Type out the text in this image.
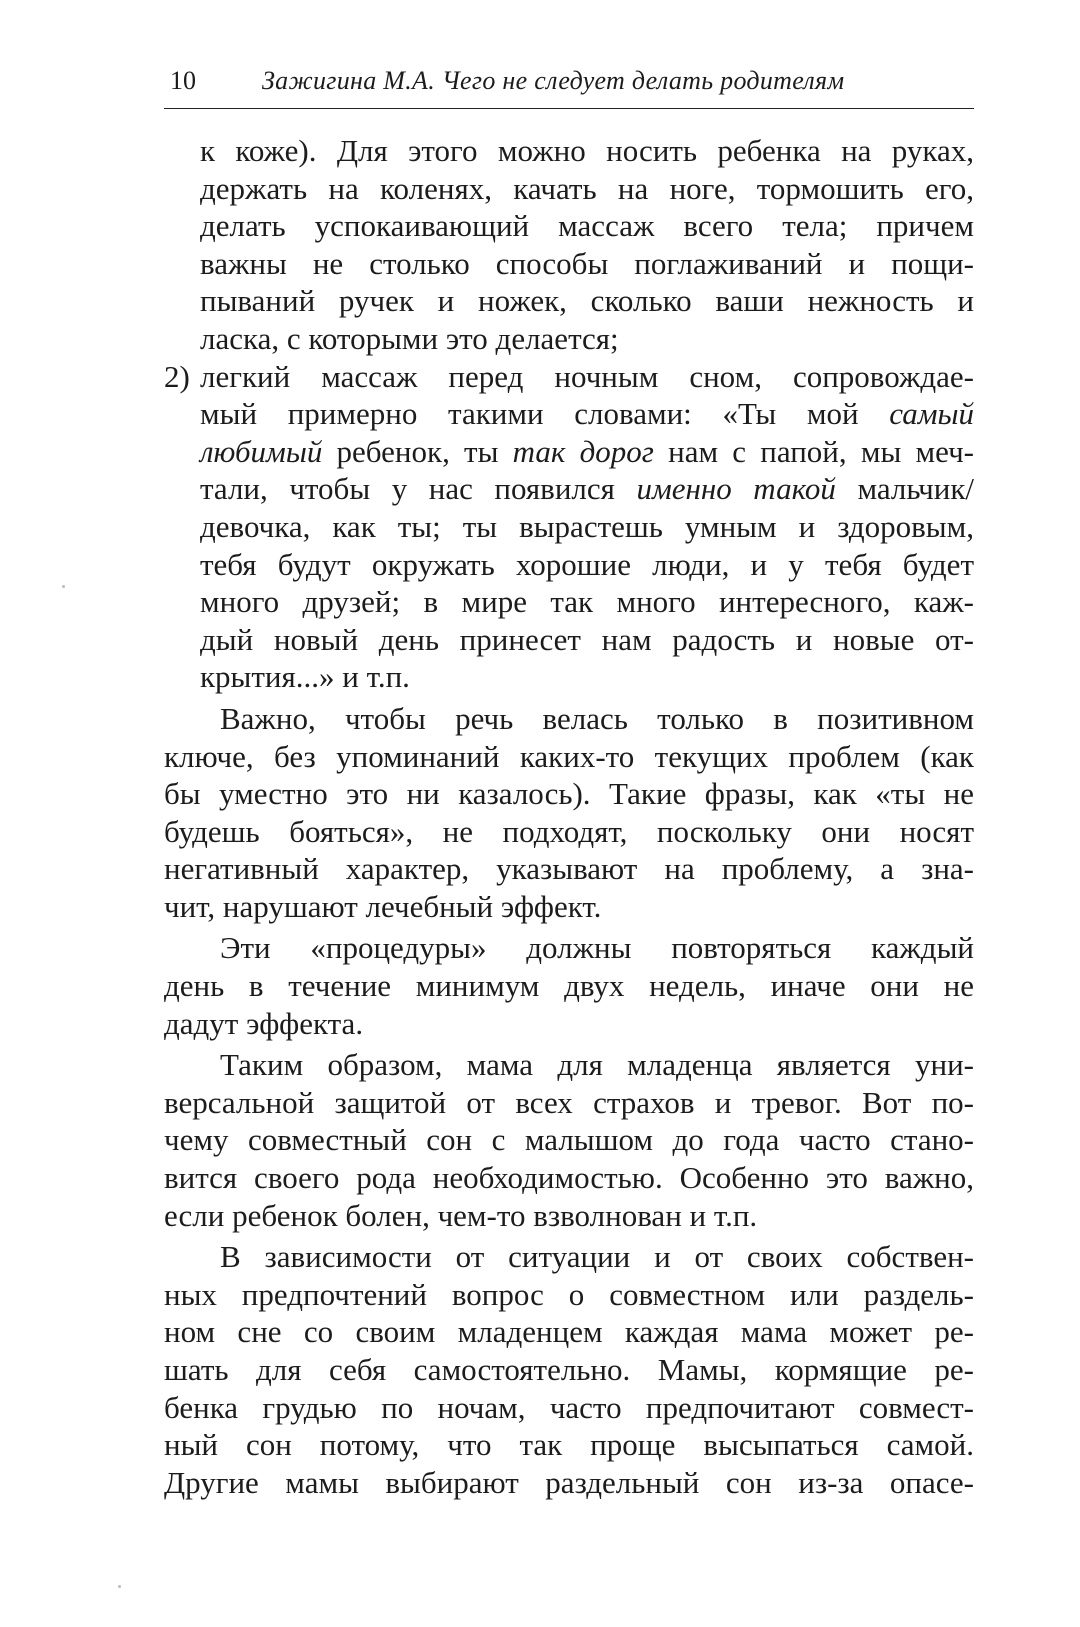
10	Зажигина М.А. Чего не следует делать родителям
к коже). Для этого можно носить ребенка на руках,
держать на коленях, качать на ноге, тормошить его,
делать успокаивающий массаж всего тела; причем
важны не столько способы поглаживаний и пощи-
пываний ручек и ножек, сколько ваши нежность и
ласка, с которыми это делается;
2) легкий массаж перед ночным сном, сопровождае-
мый примерно такими словами: «Ты мой самый
любимый ребенок, ты так дорог нам с папой, мы меч-
тали, чтобы у нас появился именно такой мальчик/
девочка, как ты; ты вырастешь умным и здоровым,
тебя будут окружать хорошие люди, и у тебя будет
много друзей; в мире так много интересного, каж-
дый новый день принесет нам радость и новые от-
крытия...» и т.п.
Важно, чтобы речь велась только в позитивном
ключе, без упоминаний каких-то текущих проблем (как
бы уместно это ни казалось). Такие фразы, как «ты не
будешь бояться», не подходят, поскольку они носят
негативный характер, указывают на проблему, а зна-
чит, нарушают лечебный эффект.
Эти «процедуры» должны повторяться каждый
день в течение минимум двух недель, иначе они не
дадут эффекта.
Таким образом, мама для младенца является уни-
версальной защитой от всех страхов и тревог. Вот по-
чему совместный сон с малышом до года часто стано-
вится своего рода необходимостью. Особенно это важно,
если ребенок болен, чем-то взволнован и т.п.
В зависимости от ситуации и от своих собствен-
ных предпочтений вопрос о совместном или раздель-
ном сне со своим младенцем каждая мама может ре-
шать для себя самостоятельно. Мамы, кормящие ре-
бенка грудью по ночам, часто предпочитают совмест-
ный сон потому, что так проще высыпаться самой.
Другие мамы выбирают раздельный сон из-за опасе-
